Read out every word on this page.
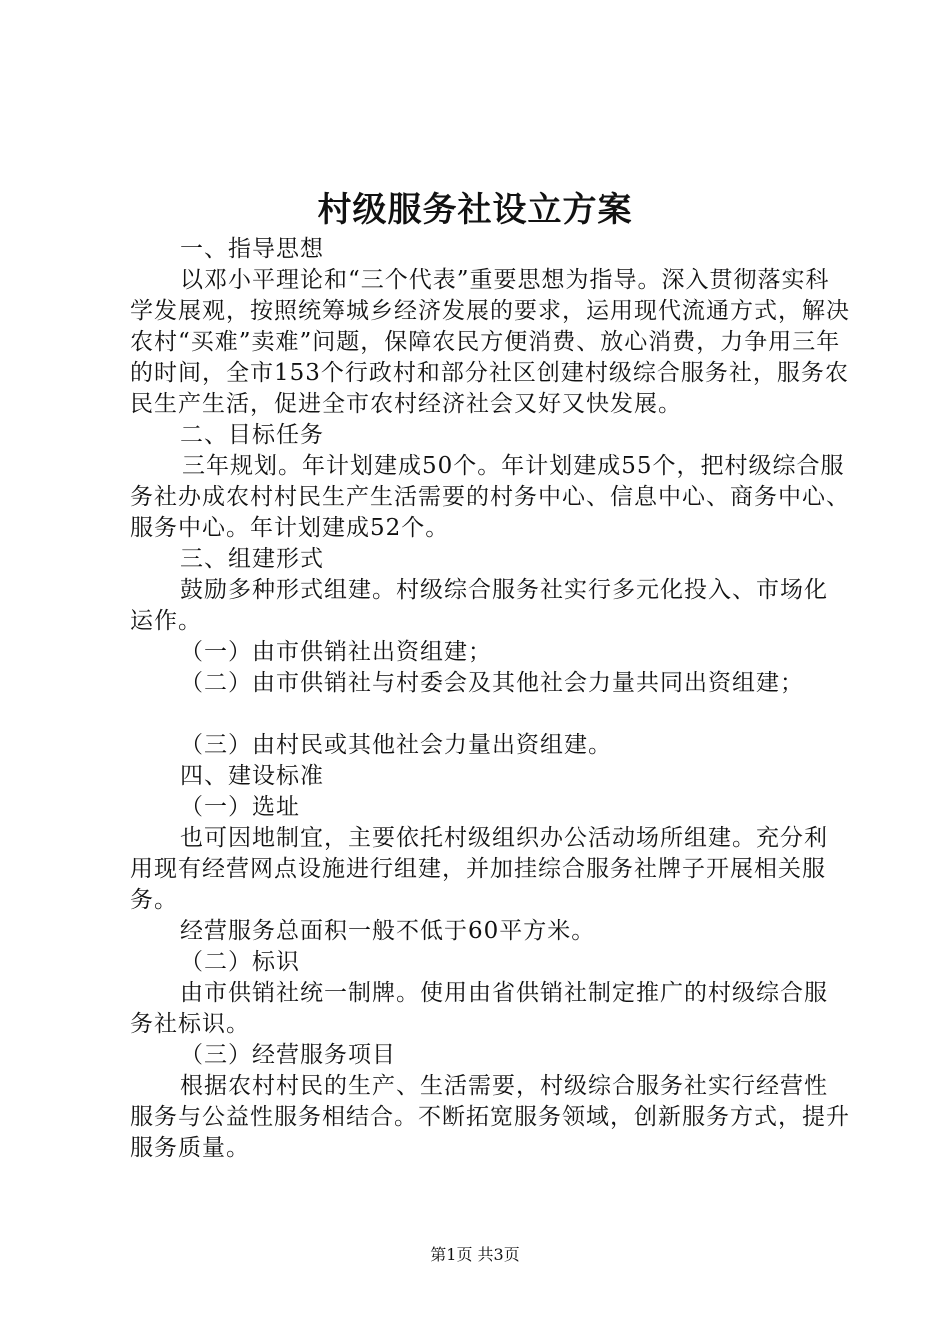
村级服务社设立方案

一、指导思想

以邓小平理论和“三个代表”重要思想为指导。深入贯彻落实科学发展观，按照统筹城乡经济发展的要求，运用现代流通方式，解决农村“买难”卖难”问题，保障农民方便消费、放心消费，力争用三年的时间，全市153个行政村和部分社区创建村级综合服务社，服务农民生产生活，促进全市农村经济社会又好又快发展。

二、目标任务

三年规划。年计划建成50个。年计划建成55个，把村级综合服务社办成农村村民生产生活需要的村务中心、信息中心、商务中心、服务中心。年计划建成52个。

三、组建形式

鼓励多种形式组建。村级综合服务社实行多元化投入、市场化运作。

（一）由市供销社出资组建；

（二）由市供销社与村委会及其他社会力量共同出资组建；

（三）由村民或其他社会力量出资组建。

四、建设标准

（一）选址

也可因地制宜，主要依托村级组织办公活动场所组建。充分利用现有经营网点设施进行组建，并加挂综合服务社牌子开展相关服务。

经营服务总面积一般不低于60平方米。

（二）标识

由市供销社统一制牌。使用由省供销社制定推广的村级综合服务社标识。

（三）经营服务项目

根据农村村民的生产、生活需要，村级综合服务社实行经营性服务与公益性服务相结合。不断拓宽服务领域，创新服务方式，提升服务质量。

第1页 共3页
